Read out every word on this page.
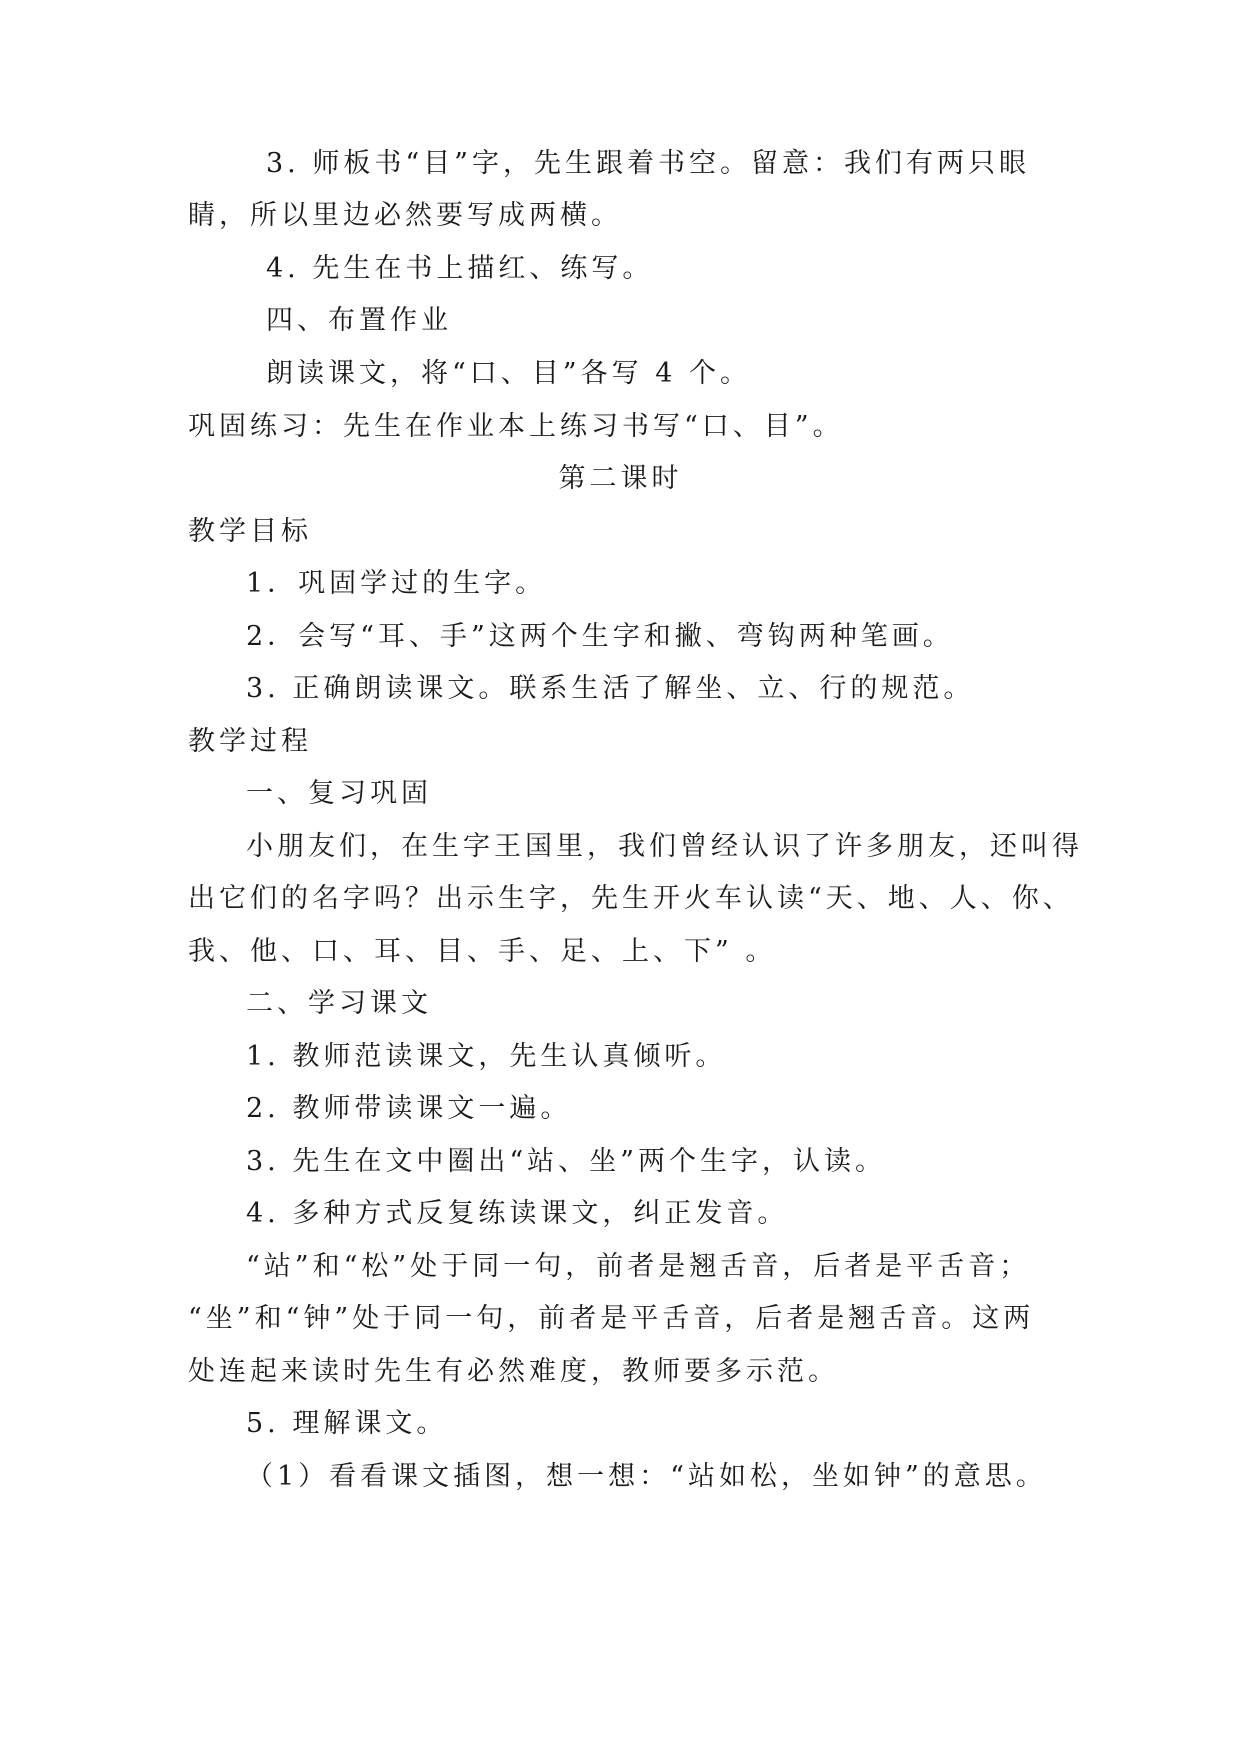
3. 师板书“目”字，先生跟着书空。留意：我们有两只眼
睛，所以里边必然要写成两横。
4. 先生在书上描红、练写。
四、布置作业
朗读课文，将“口、目”各写 4 个。
巩固练习：先生在作业本上练习书写“口、目”。
第二课时
教学目标
1．巩固学过的生字。
2．会写“耳、手”这两个生字和撇、弯钩两种笔画。
3. 正确朗读课文。联系生活了解坐、立、行的规范。
教学过程
一、复习巩固
小朋友们，在生字王国里，我们曾经认识了许多朋友，还叫得
出它们的名字吗？出示生字，先生开火车认读“天、地、人、你、
我、他、口、耳、目、手、足、上、下” 。
二、学习课文
1. 教师范读课文，先生认真倾听。
2. 教师带读课文一遍。
3. 先生在文中圈出“站、坐”两个生字，认读。
4. 多种方式反复练读课文，纠正发音。
“站”和“松”处于同一句，前者是翘舌音，后者是平舌音；
“坐”和“钟”处于同一句，前者是平舌音，后者是翘舌音。这两
处连起来读时先生有必然难度，教师要多示范。
5. 理解课文。
（1）看看课文插图，想一想：“站如松，坐如钟”的意思。
